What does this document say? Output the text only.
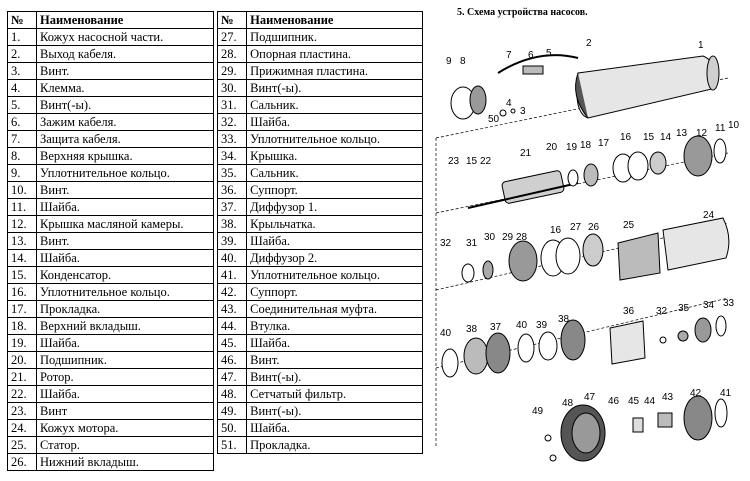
№	Наименование
1.	Кожух насосной части.
2.	Выход кабеля.
3.	Винт.
4.	Клемма.
5.	Винт(-ы).
6.	Зажим кабеля.
7.	Защита кабеля.
8.	Верхняя крышка.
9.	Уплотнительное кольцо.
10.	Винт.
11.	Шайба.
12.	Крышка масляной камеры.
13.	Винт.
14.	Шайба.
15.	Конденсатор.
16.	Уплотнительное кольцо.
17.	Прокладка.
18.	Верхний вкладыш.
19.	Шайба.
20.	Подшипник.
21.	Ротор.
22.	Шайба.
23.	Винт
24.	Кожух мотора.
25.	Статор.
26.	Нижний вкладыш.
№	Наименование
27.	Подшипник.
28.	Опорная пластина.
29.	Прижимная пластина.
30.	Винт(-ы).
31.	Сальник.
32.	Шайба.
33.	Уплотнительное кольцо.
34.	Крышка.
35.	Сальник.
36.	Суппорт.
37.	Диффузор 1.
38.	Крыльчатка.
39.	Шайба.
40.	Диффузор 2.
41.	Уплотнительное кольцо.
42.	Суппорт.
43.	Соединительная муфта.
44.	Втулка.
45.	Шайба.
46.	Винт.
47.	Винт(-ы).
48.	Сетчатый фильтр.
49.	Винт(-ы).
50.	Шайба.
51.	Прокладка.
5. Схема устройства насосов.
1
2
3
4
5
6
7
8
9
50
10
11
12
13
14
15
16
17
18
19
20
21
22
15
23
24
25
26
27
16
28
29
30
31
32
33
34
35
32
36
38
39
40
37
38
40
41
42
43
44
45
46
47
48
49
